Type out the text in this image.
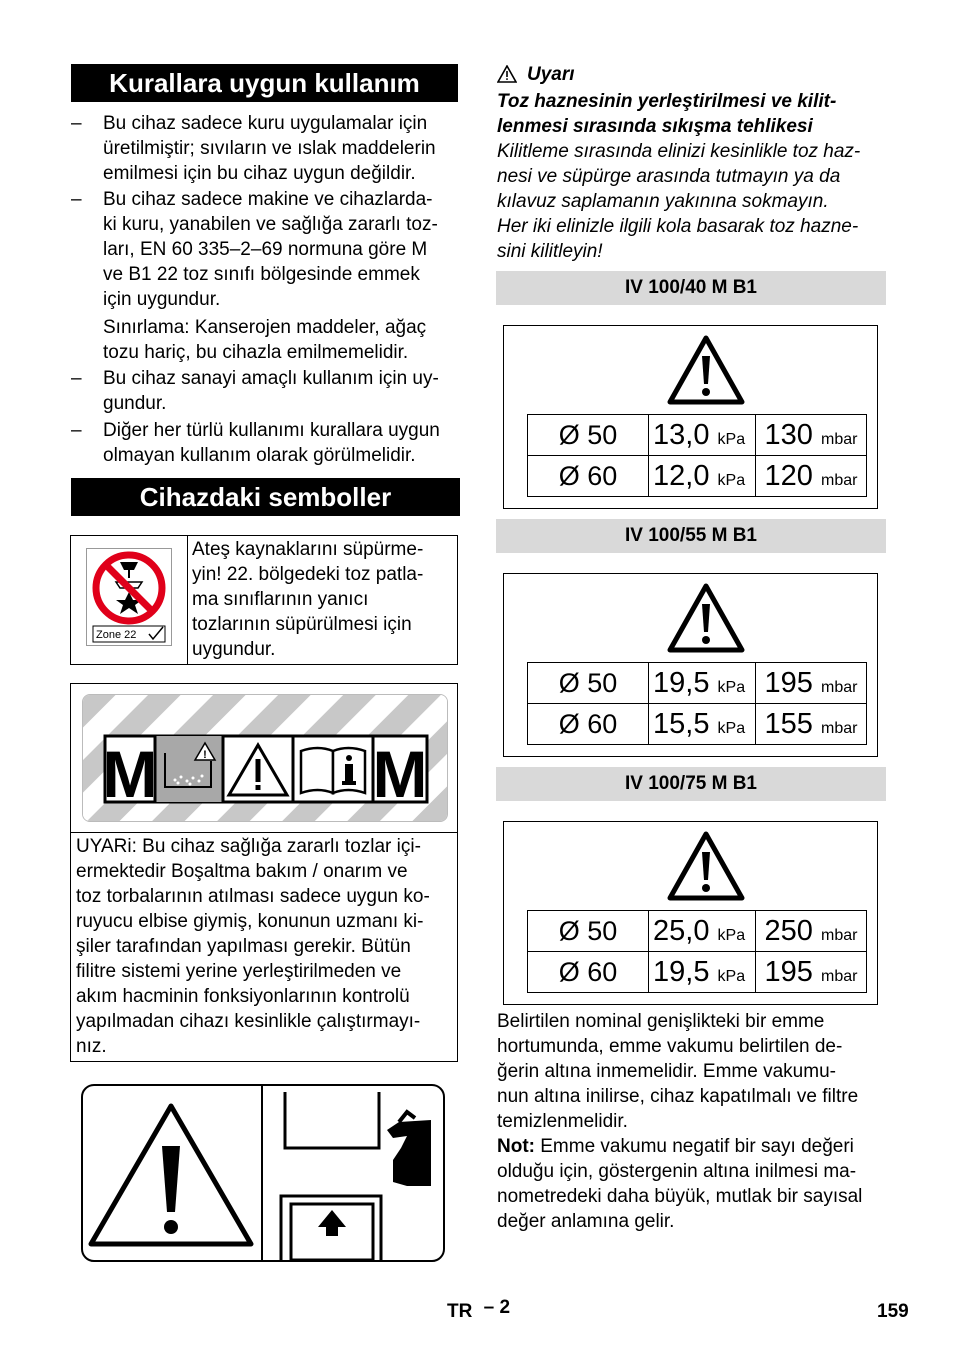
Kurallara uygun kullanım
– Bu cihaz sadece kuru uygulamalar için
üretilmiştir; sıvıların ve ıslak maddelerin
emilmesi için bu cihaz uygun değildir.
– Bu cihaz sadece makine ve cihazlarda-
ki kuru, yanabilen ve sağlığa zararlı toz-
ları, EN 60 335–2–69 normuna göre M
ve B1 22 toz sınıfı bölgesinde emmek
için uygundur.
Sınırlama: Kanserojen maddeler, ağaç
tozu hariç, bu cihazla emilmemelidir.
– Bu cihaz sanayi amaçlı kullanım için uy-
gundur.
– Diğer her türlü kullanımı kurallara uygun
olmayan kullanım olarak görülmelidir.
Cihazdaki semboller
Zone 22
Ateş kaynaklarını süpürme-
yin! 22. bölgedeki toz patla-
ma sınıflarının yanıcı
tozlarının süpürülmesi için
uygundur.
!
M	M
UYARi: Bu cihaz sağlığa zararlı tozlar içi-
ermektedir Boşaltma bakım / onarım ve
toz torbalarının atılması sadece uygun ko-
ruyucu elbise giymiş, konunun uzmanı ki-
şiler tarafından yapılması gerekir. Bütün
filitre sistemi yerine yerleştirilmeden ve
akım hacminin fonksiyonlarının kontrolü
yapılmadan cihazı kesinlikle çalıştırmayı-
nız.
Uyarı
Toz haznesinin yerleştirilmesi ve kilit-
lenmesi sırasında sıkışma tehlikesi
Kilitleme sırasında elinizi kesinlikle toz haz-
nesi ve süpürge arasında tutmayın ya da
kılavuz saplamanın yakınına sokmayın.
Her iki elinizle ilgili kola basarak toz hazne-
sini kilitleyin!
IV 100/40 M B1
Ø 50	13,0 kPa	130 mbar
Ø 60	12,0 kPa	120 mbar
IV 100/55 M B1
Ø 50	19,5 kPa	195 mbar
Ø 60	15,5 kPa	155 mbar
IV 100/75 M B1
Ø 50	25,0 kPa	250 mbar
Ø 60	19,5 kPa	195 mbar
Belirtilen nominal genişlikteki bir emme
hortumunda, emme vakumu belirtilen de-
ğerin altına inmemelidir. Emme vakumu-
nun altına inilirse, cihaz kapatılmalı ve filtre
temizlenmelidir.
Not: Emme vakumu negatif bir sayı değeri
olduğu için, göstergenin altına inilmesi ma-
nometredeki daha büyük, mutlak bir sayısal
değer anlamına gelir.
TR – 2	159
